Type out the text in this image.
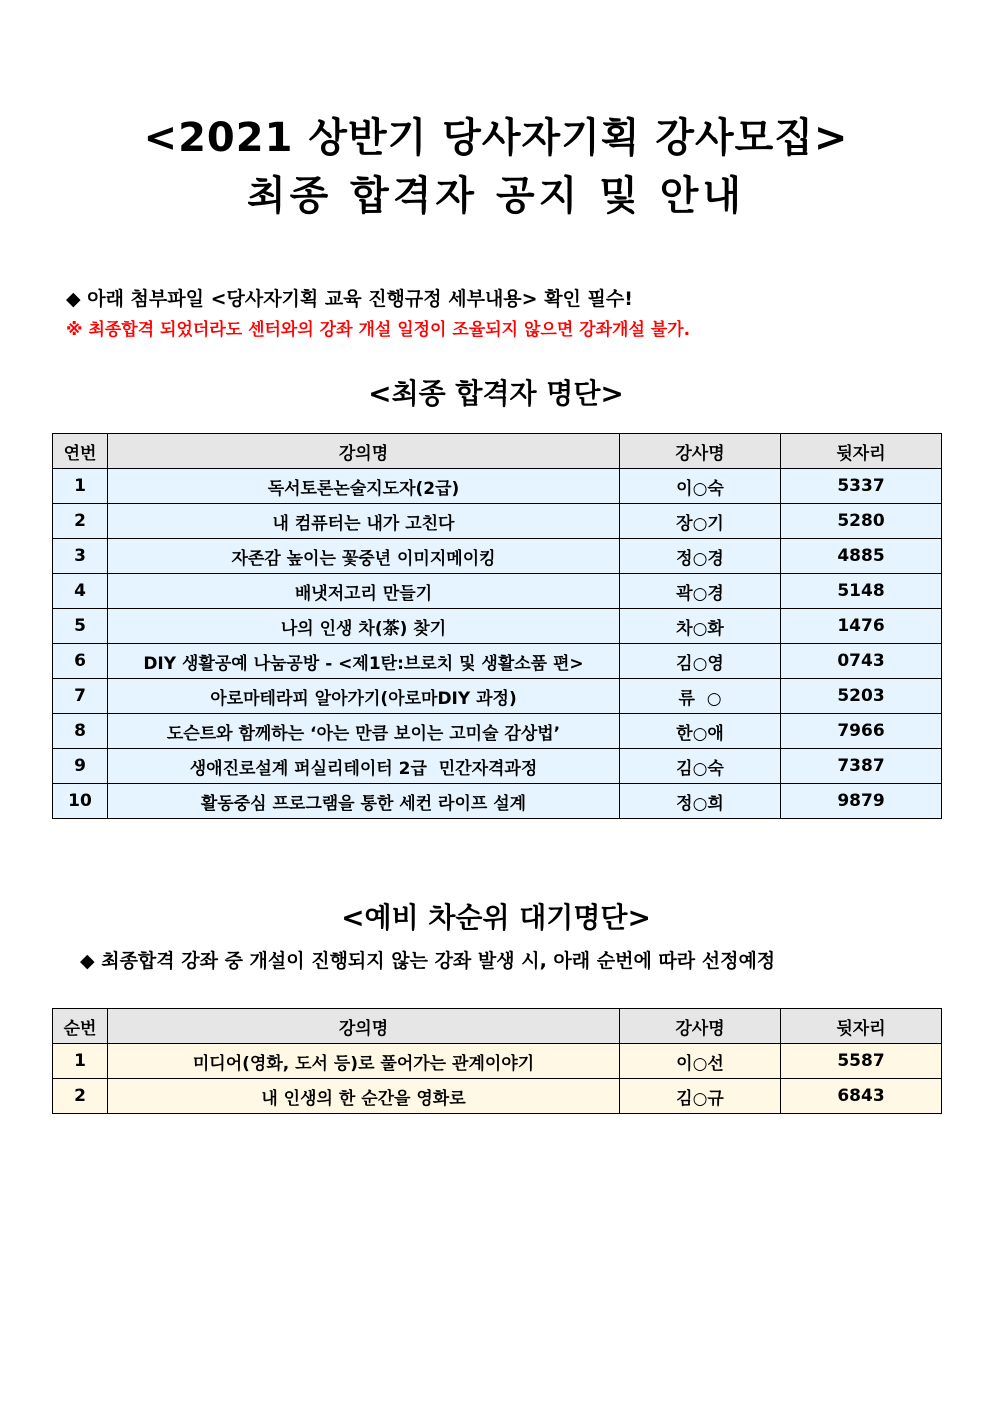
<2021 상반기 당사자기획 강사모집>
최종 합격자 공지 및 안내
◆ 아래 첨부파일 <당사자기획 교육 진행규정 세부내용> 확인 필수!
※ 최종합격 되었더라도 센터와의 강좌 개설 일정이 조율되지 않으면 강좌개설 불가.
<최종 합격자 명단>
연번	강의명	강사명	뒷자리
1	독서토론논술지도자(2급)	이○숙	5337
2	내 컴퓨터는 내가 고친다	장○기	5280
3	자존감 높이는 꽃중년 이미지메이킹	정○경	4885
4	배냇저고리 만들기	곽○경	5148
5	나의 인생 차(茶) 찾기	차○화	1476
6	DIY 생활공예 나눔공방 - <제1탄:브로치 및 생활소품 편>	김○영	0743
7	아로마테라피 알아가기(아로마DIY 과정)	류  ○	5203
8	도슨트와 함께하는 ‘아는 만큼 보이는 고미술 감상법’	한○애	7966
9	생애진로설계 퍼실리테이터 2급  민간자격과정	김○숙	7387
10	활동중심 프로그램을 통한 세컨 라이프 설계	정○희	9879
<예비 차순위 대기명단>
◆ 최종합격 강좌 중 개설이 진행되지 않는 강좌 발생 시, 아래 순번에 따라 선정예정
순번	강의명	강사명	뒷자리
1	미디어(영화, 도서 등)로 풀어가는 관계이야기	이○선	5587
2	내 인생의 한 순간을 영화로	김○규	6843
